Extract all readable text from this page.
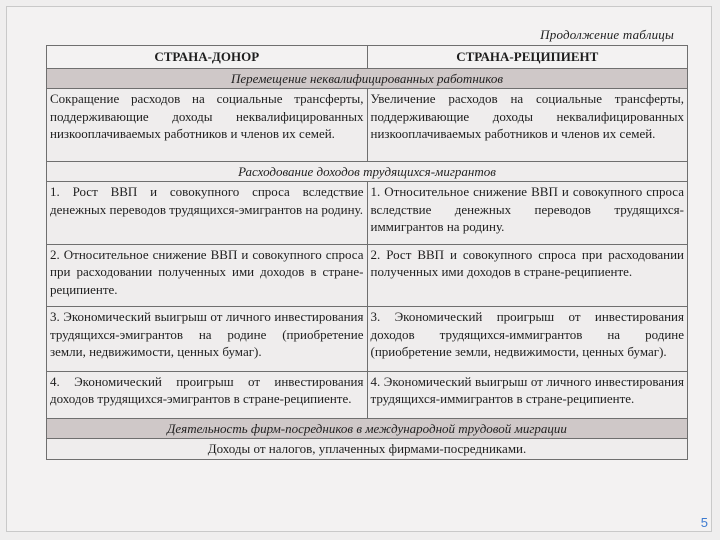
Продолжение таблицы
СТРАНА-ДОНОР	СТРАНА-РЕЦИПИЕНТ
Перемещение неквалифицированных работников	
Сокращение расходов на социальные трансферты, поддерживающие доходы неквалифицированных низкооплачиваемых работников и членов их семей.	Увеличение расходов на социальные трансферты, поддерживающие доходы неквалифицированных низкооплачиваемых работников и членов их семей.
Расходование доходов трудящихся-мигрантов	
1. Рост ВВП и совокупного спроса вследствие денежных переводов трудящихся-эмигрантов на родину.	1. Относительное снижение ВВП и совокупного спроса вследствие денежных переводов трудящихся-иммигрантов на родину.
2. Относительное снижение ВВП и совокупного спроса при расходовании полученных ими доходов в стране-реципиенте.	2. Рост ВВП и совокупного спроса при расходовании полученных ими доходов в стране-реципиенте.
3. Экономический выигрыш от личного инвестирования трудящихся-эмигрантов на родине (приобретение земли, недвижимости, ценных бумаг).	3. Экономический проигрыш от инвестирования доходов трудящихся-иммигрантов на родине (приобретение земли, недвижимости, ценных бумаг).
4. Экономический проигрыш от инвестирования доходов трудящихся-эмигрантов в стране-реципиенте.	4. Экономический выигрыш от личного инвестирования трудящихся-иммигрантов в стране-реципиенте.
Деятельность фирм-посредников в международной трудовой миграции	
Доходы от налогов, уплаченных фирмами-посредниками.	
5
